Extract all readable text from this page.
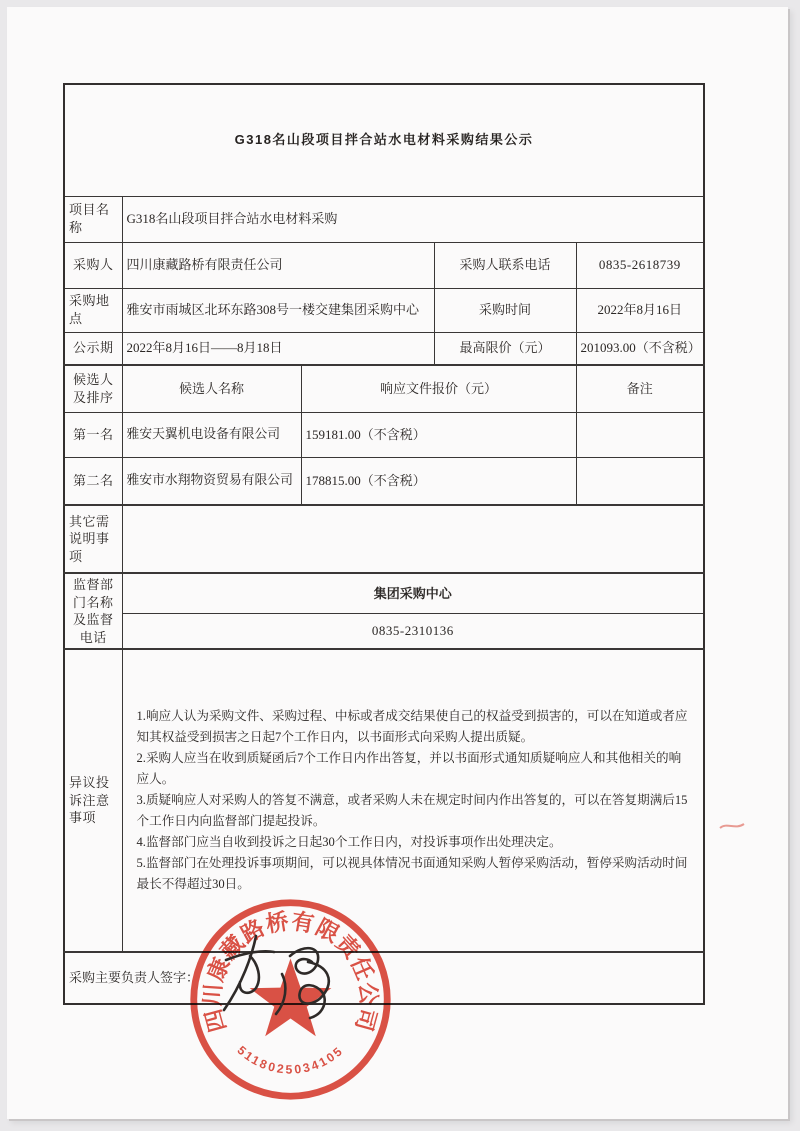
G318名山段项目拌合站水电材料采购结果公示				
项目名称	G318名山段项目拌合站水电材料采购			
采购人	四川康藏路桥有限责任公司		采购人联系电话	0835-2618739
采购地点	雅安市雨城区北环东路308号一楼交建集团采购中心		采购时间	2022年8月16日
公示期	2022年8月16日——8月18日		最高限价（元）	201093.00（不含税）
候选人及排序	候选人名称	响应文件报价（元）		备注
第一名	雅安天翼机电设备有限公司	159181.00（不含税）		
第二名	雅安市水翔物资贸易有限公司	178815.00（不含税）		
其它需说明事项				
监督部门名称及监督电话	集团采购中心			
	0835-2310136			
异议投诉注意事项	1.响应人认为采购文件、采购过程、中标或者成交结果使自己的权益受到损害的，可以在知道或者应知其权益受到损害之日起7个工作日内，以书面形式向采购人提出质疑。
2.采购人应当在收到质疑函后7个工作日内作出答复，并以书面形式通知质疑响应人和其他相关的响应人。
3.质疑响应人对采购人的答复不满意，或者采购人未在规定时间内作出答复的，可以在答复期满后15个工作日内向监督部门提起投诉。
4.监督部门应当自收到投诉之日起30个工作日内，对投诉事项作出处理决定。
5.监督部门在处理投诉事项期间，可以视具体情况书面通知采购人暂停采购活动，暂停采购活动时间最长不得超过30日。			

采购主要负责人签字：				
四川康藏路桥有限责任公司
5118025034105
